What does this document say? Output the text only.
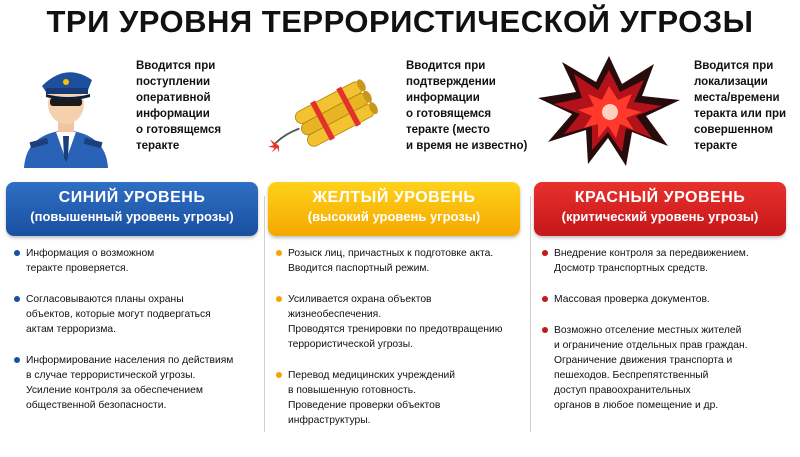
ТРИ УРОВНЯ ТЕРРОРИСТИЧЕСКОЙ УГРОЗЫ
Вводится при
поступлении
оперативной
информации
о готовящемся
теракте
СИНИЙ УРОВЕНЬ
(повышенный уровень угрозы)
Информация о возможном
теракте проверяется.
Согласовываются планы охраны
объектов, которые могут подвергаться
актам терроризма.
Информирование населения по действиям
в случае террористической угрозы.
Усиление контроля за обеспечением
общественной безопасности.
Вводится при
подтверждении
информации
о готовящемся
теракте (место
и время не известно)
ЖЕЛТЫЙ УРОВЕНЬ
(высокий уровень угрозы)
Розыск лиц, причастных к подготовке акта.
Вводится паспортный режим.
Усиливается охрана объектов жизнеобеспечения.
Проводятся тренировки по предотвращению
террористической угрозы.
Перевод медицинских учреждений
в повышенную готовность.
Проведение проверки объектов
инфраструктуры.
Вводится при
локализации
места/времени
теракта или при
совершенном
теракте
КРАСНЫЙ УРОВЕНЬ
(критический уровень угрозы)
Внедрение контроля за передвижением.
Досмотр транспортных средств.
Массовая проверка документов.
Возможно отселение местных жителей
и ограничение отдельных прав граждан.
Ограничение движения транспорта и
пешеходов. Беспрепятственный
доступ правоохранительных
органов в любое помещение и др.
